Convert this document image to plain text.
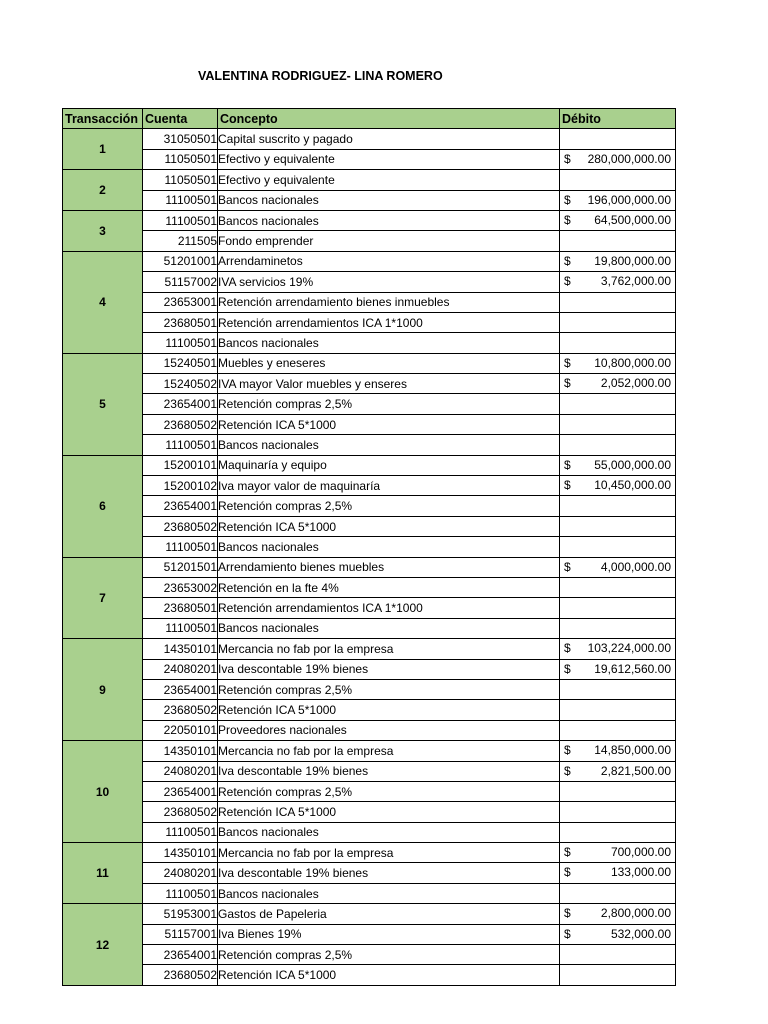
VALENTINA RODRIGUEZ- LINA ROMERO
Transacción	Cuenta	Concepto	Débito
1	31050501	Capital suscrito y pagado	
	11050501	Efectivo y equivalente	$ 280,000,000.00

2	11050501	Efectivo y equivalente	
	11100501	Bancos nacionales	$ 196,000,000.00

3	11100501	Bancos nacionales	$ 64,500,000.00

	211505	Fondo emprender	
4	51201001	Arrendaminetos	$ 19,800,000.00

	51157002	IVA servicios 19%	$ 3,762,000.00

	23653001	Retención arrendamiento bienes inmuebles	
	23680501	Retención arrendamientos ICA 1*1000	
	11100501	Bancos nacionales	
5	15240501	Muebles y eneseres	$ 10,800,000.00

	15240502	IVA mayor Valor muebles y enseres	$ 2,052,000.00

	23654001	Retención compras 2,5%	
	23680502	Retención ICA 5*1000	
	11100501	Bancos nacionales	
6	15200101	Maquinaría y equipo	$ 55,000,000.00

	15200102	Iva mayor valor de maquinaría	$ 10,450,000.00

	23654001	Retención compras 2,5%	
	23680502	Retención ICA 5*1000	
	11100501	Bancos nacionales	
7	51201501	Arrendamiento bienes muebles	$ 4,000,000.00

	23653002	Retención en la fte 4%	
	23680501	Retención arrendamientos ICA 1*1000	
	11100501	Bancos nacionales	
9	14350101	Mercancia no fab por la empresa	$ 103,224,000.00

	24080201	Iva descontable 19% bienes	$ 19,612,560.00

	23654001	Retención compras 2,5%	
	23680502	Retención ICA 5*1000	
	22050101	Proveedores nacionales	
10	14350101	Mercancia no fab por la empresa	$ 14,850,000.00

	24080201	Iva descontable 19% bienes	$ 2,821,500.00

	23654001	Retención compras 2,5%	
	23680502	Retención ICA 5*1000	
	11100501	Bancos nacionales	
11	14350101	Mercancia no fab por la empresa	$ 700,000.00

	24080201	Iva descontable 19% bienes	$ 133,000.00

	11100501	Bancos nacionales	
12	51953001	Gastos de Papeleria	$ 2,800,000.00

	51157001	Iva Bienes 19%	$ 532,000.00

	23654001	Retención compras 2,5%	
	23680502	Retención ICA 5*1000	
